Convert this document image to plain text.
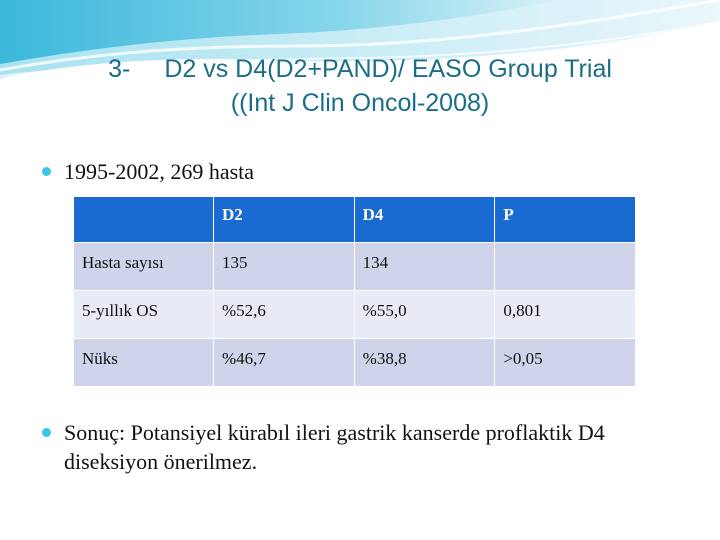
3- D2 vs D4(D2+PAND)/ EASO Group Trial
((Int J Clin Oncol-2008)
1995-2002, 269 hasta
	D2	D4	P
Hasta sayısı	135	134	
5-yıllık OS	%52,6	%55,0	0,801
Nüks	%46,7	%38,8	>0,05
Sonuç: Potansiyel kürabıl ileri gastrik kanserde proflaktik D4 diseksiyon önerilmez.
